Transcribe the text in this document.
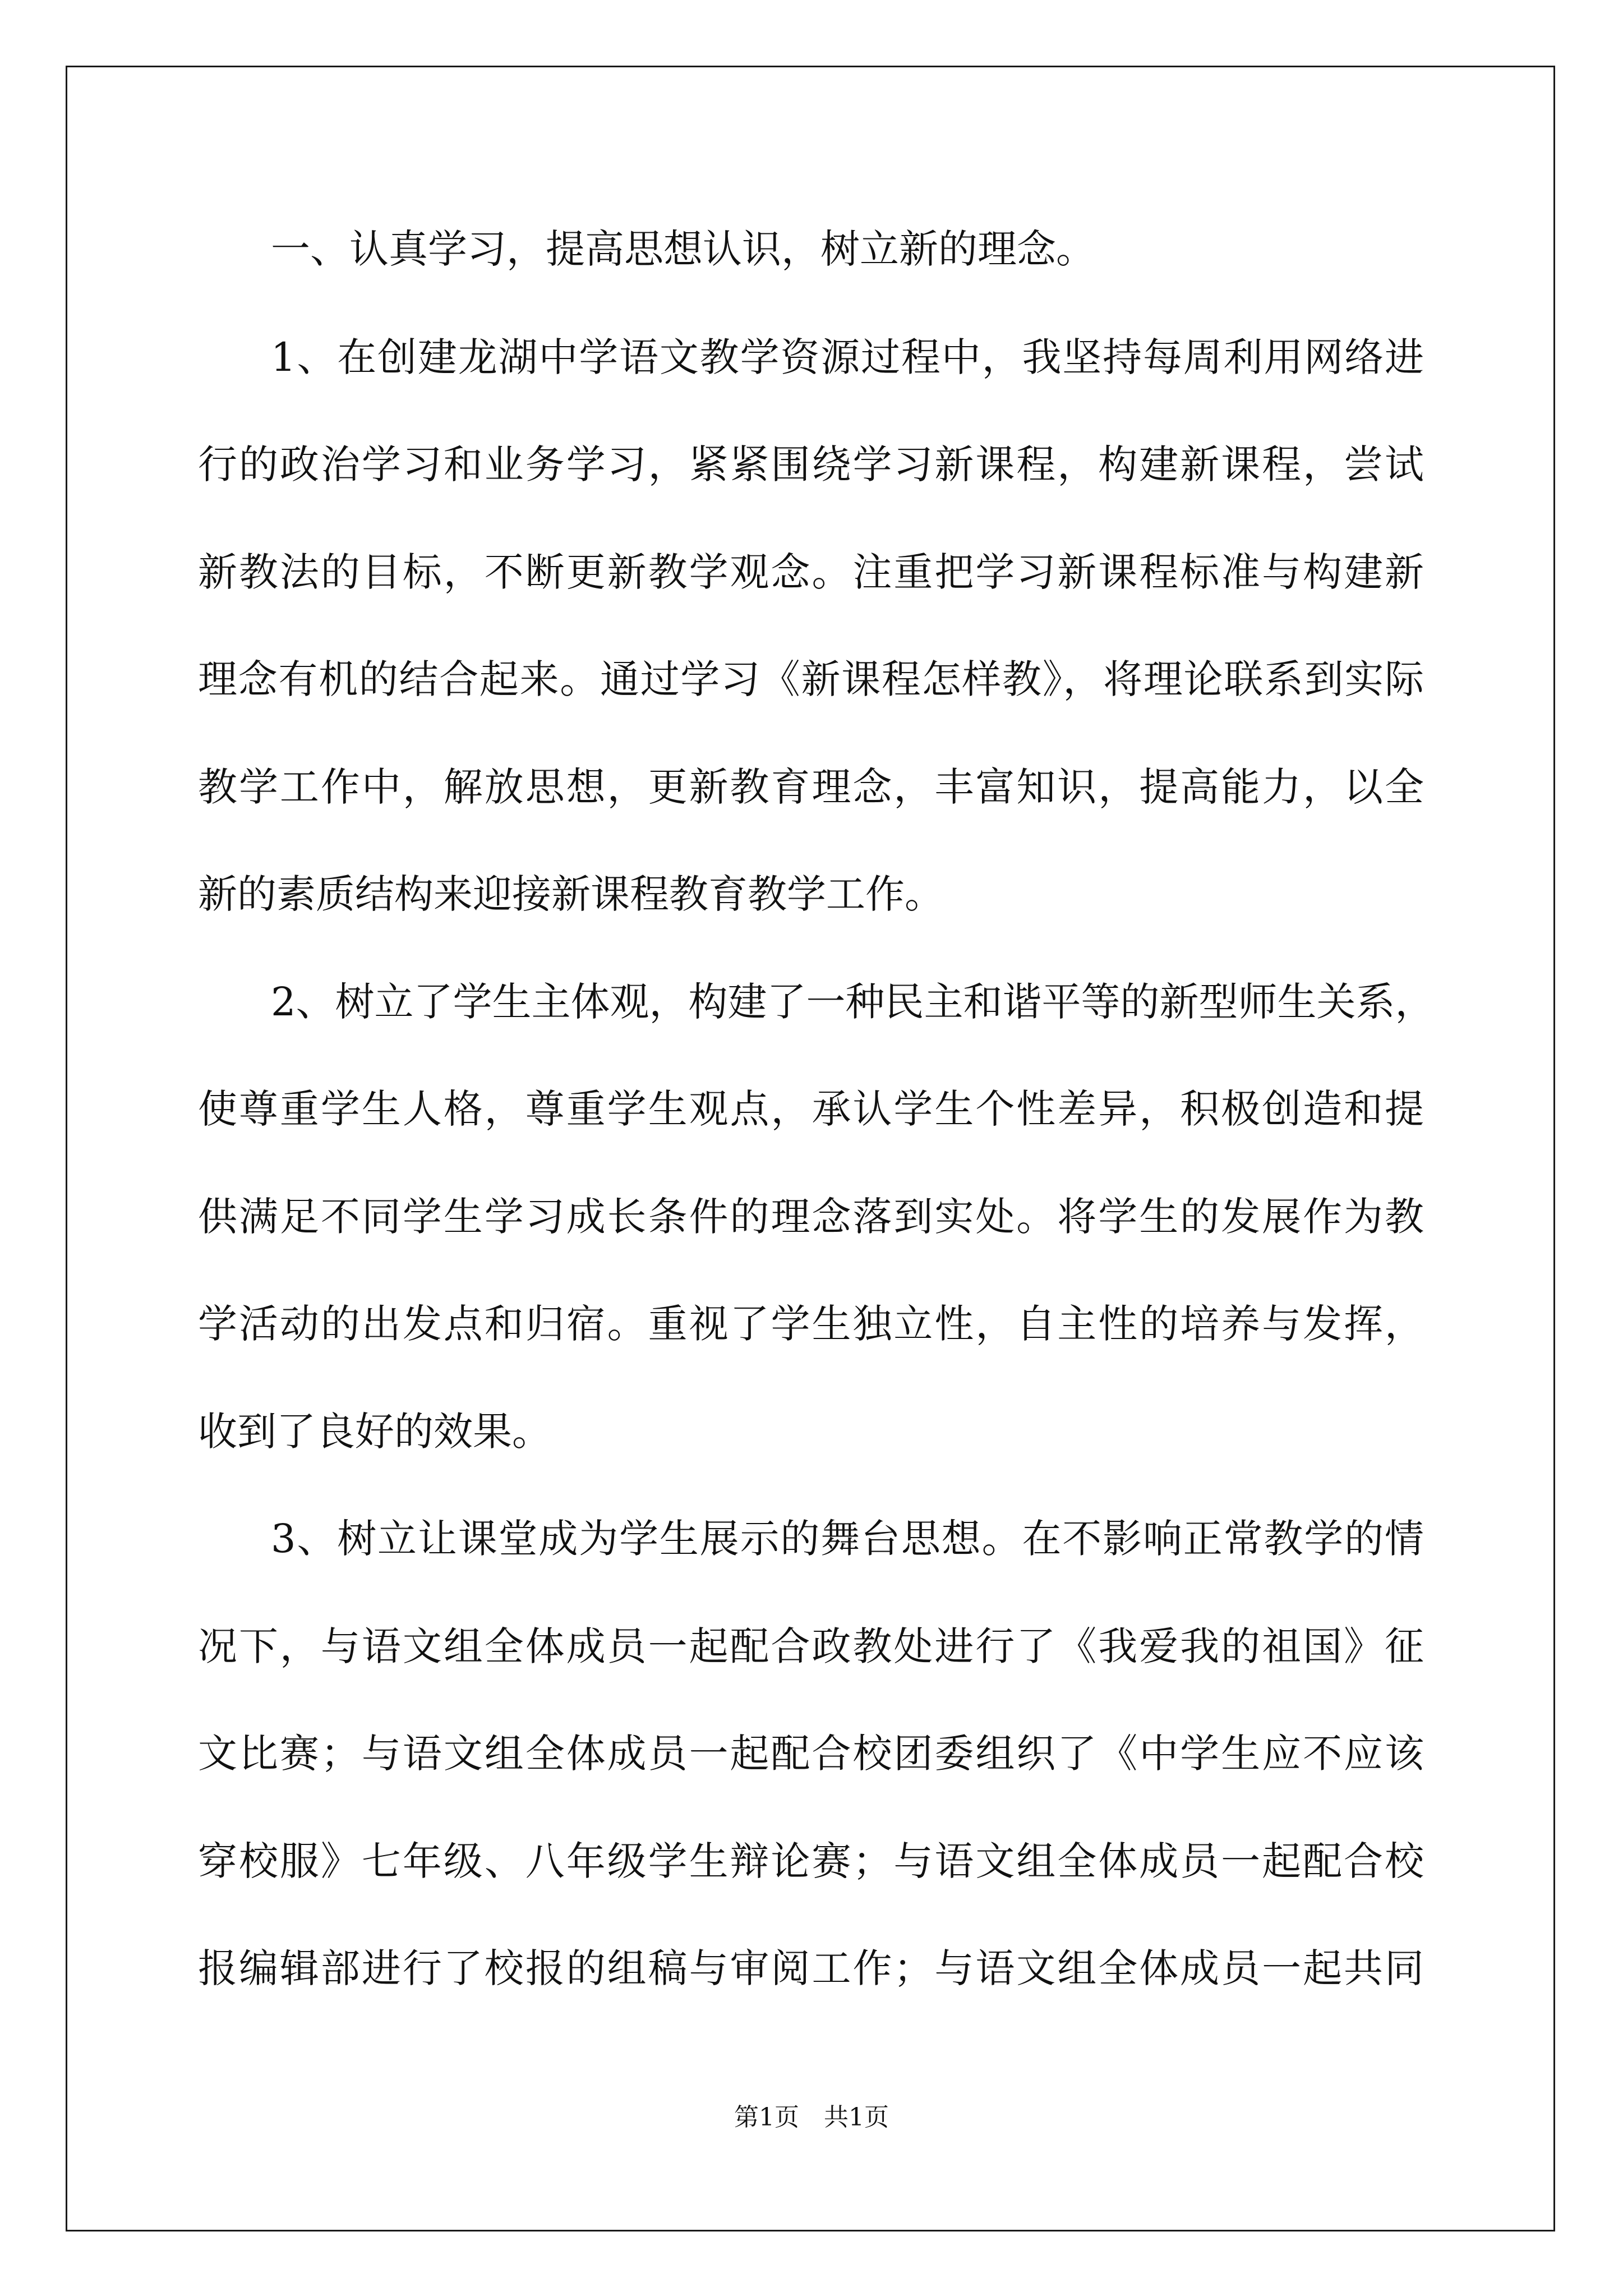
一、认真学习，提高思想认识，树立新的理念。
1、在创建龙湖中学语文教学资源过程中，我坚持每周利用网络进
行的政治学习和业务学习，紧紧围绕学习新课程，构建新课程，尝试
新教法的目标，不断更新教学观念。注重把学习新课程标准与构建新
理念有机的结合起来。通过学习《新课程怎样教》，将理论联系到实际
教学工作中，解放思想，更新教育理念，丰富知识，提高能力，以全
新的素质结构来迎接新课程教育教学工作。
2、树立了学生主体观，构建了一种民主和谐平等的新型师生关系，
使尊重学生人格，尊重学生观点，承认学生个性差异，积极创造和提
供满足不同学生学习成长条件的理念落到实处。将学生的发展作为教
学活动的出发点和归宿。重视了学生独立性，自主性的培养与发挥，
收到了良好的效果。
3、树立让课堂成为学生展示的舞台思想。在不影响正常教学的情
况下，与语文组全体成员一起配合政教处进行了《我爱我的祖国》征
文比赛；与语文组全体成员一起配合校团委组织了《中学生应不应该
穿校服》七年级、八年级学生辩论赛；与语文组全体成员一起配合校
报编辑部进行了校报的组稿与审阅工作；与语文组全体成员一起共同
第1页　共1页
